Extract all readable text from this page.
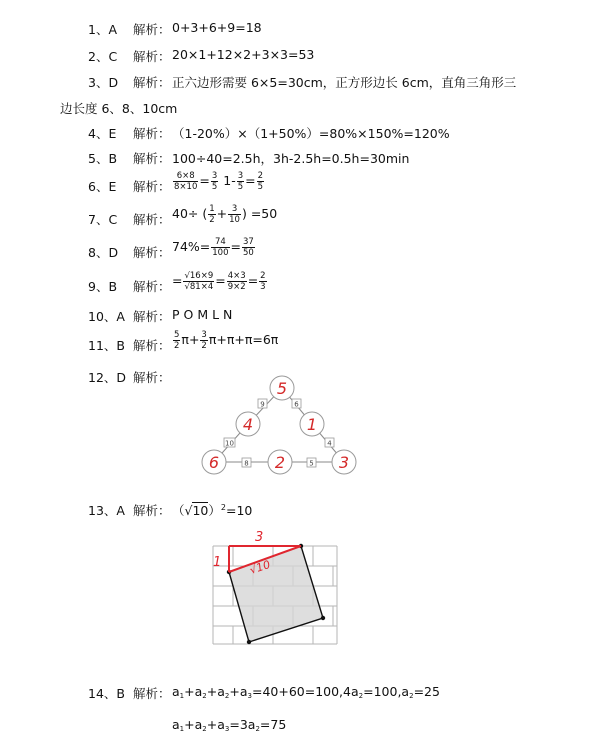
1、A 解析： 0+3+6+9=18
2、C 解析： 20×1+12×2+3×3=53
3、D 解析： 正六边形需要 6×5=30cm，正方形边长 6cm，直角三角形三
边长度 6、8、10cm
4、E 解析： （1-20%）×（1+50%）=80%×150%=120%
5、B 解析： 100÷40=2.5h，3h-2.5h=0.5h=30min
6、E 解析： $\frac{6\times 8}{8\times 10} = \frac{3}{5} 1- \frac{3}{5} = \frac{2}{5}$
7、C 解析： 40÷ ( $\frac{1}{2} + \frac{3}{10}$ ) =50
8、D 解析： $74\%= \frac{74}{100} = \frac{37}{50}$
9、B 解析： = $\frac{√16\times 9}{√81\times 4} = \frac{4\times 3}{9\times 2} = \frac{2}{3}$
10、A 解析： P O M L N
11、B 解析： $\frac{5}{2} \pi+ \frac{3}{2} \pi+\pi+\pi=6\pi$
12、D 解析：
9	6
10	4
8	5
5
4	1
6	2	3
13、A 解析： $(√10)^2=10$
3
1 √10
14、B 解析： $a_1+a_2+a_2+a_3=40+60=100,4a_2=100,a_2=25$
$a_1+a_2+a_3=3a_2=75$
